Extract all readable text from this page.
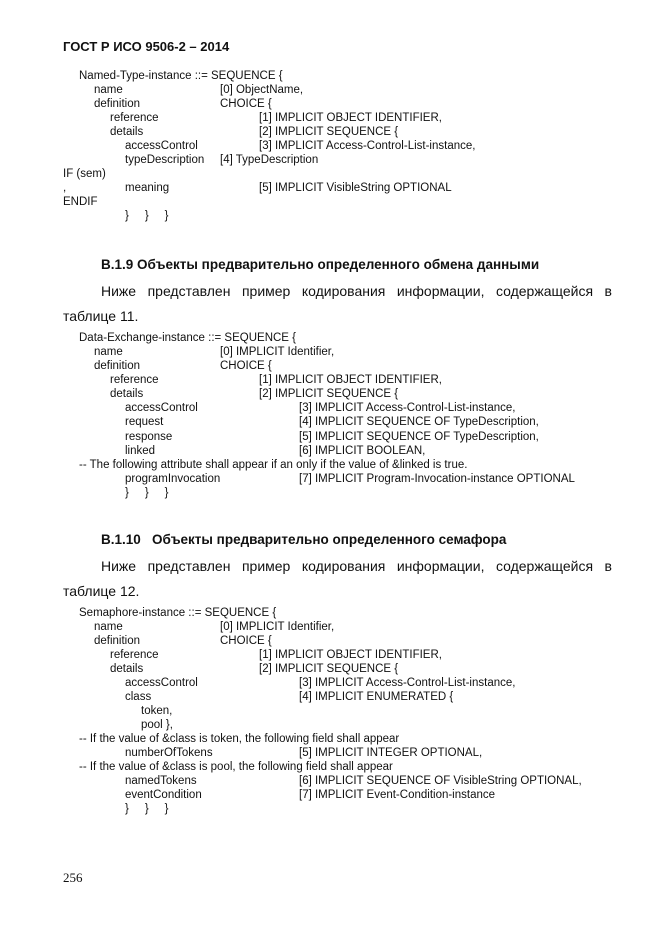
ГОСТ Р ИСО 9506-2 – 2014
Named-Type-instance ::= SEQUENCE {
name	[0] ObjectName,
definition	CHOICE {
reference	[1] IMPLICIT OBJECT IDENTIFIER,
details	[2] IMPLICIT SEQUENCE {
accessControl	[3] IMPLICIT Access-Control-List-instance,
typeDescription [4] TypeDescription
IF (sem)
,	meaning	[5] IMPLICIT VisibleString OPTIONAL
ENDIF
}     }     }
B.1.9 Объекты предварительно определенного обмена данными
Ниже представлен пример кодирования информации, содержащейся в
таблице 11.
Data-Exchange-instance ::= SEQUENCE {
name	[0] IMPLICIT Identifier,
definition	CHOICE {
reference	[1] IMPLICIT OBJECT IDENTIFIER,
details	[2] IMPLICIT SEQUENCE {
accessControl	[3] IMPLICIT Access-Control-List-instance,
request	[4] IMPLICIT SEQUENCE OF TypeDescription,
response	[5] IMPLICIT SEQUENCE OF TypeDescription,
linked	[6] IMPLICIT BOOLEAN,
-- The following attribute shall appear if an only if the value of &linked is true.
programInvocation	[7] IMPLICIT Program-Invocation-instance OPTIONAL
}     }     }
B.1.10   Объекты предварительно определенного семафора
Ниже представлен пример кодирования информации, содержащейся в
таблице 12.
Semaphore-instance ::= SEQUENCE {
name	[0] IMPLICIT Identifier,
definition	CHOICE {
reference	[1] IMPLICIT OBJECT IDENTIFIER,
details	[2] IMPLICIT SEQUENCE {
accessControl	[3] IMPLICIT Access-Control-List-instance,
class	[4] IMPLICIT ENUMERATED {
token,
pool },
-- If the value of &class is token, the following field shall appear
numberOfTokens	[5] IMPLICIT INTEGER OPTIONAL,
-- If the value of &class is pool, the following field shall appear
namedTokens	[6] IMPLICIT SEQUENCE OF VisibleString OPTIONAL,
eventCondition	[7] IMPLICIT Event-Condition-instance
}     }     }
256
